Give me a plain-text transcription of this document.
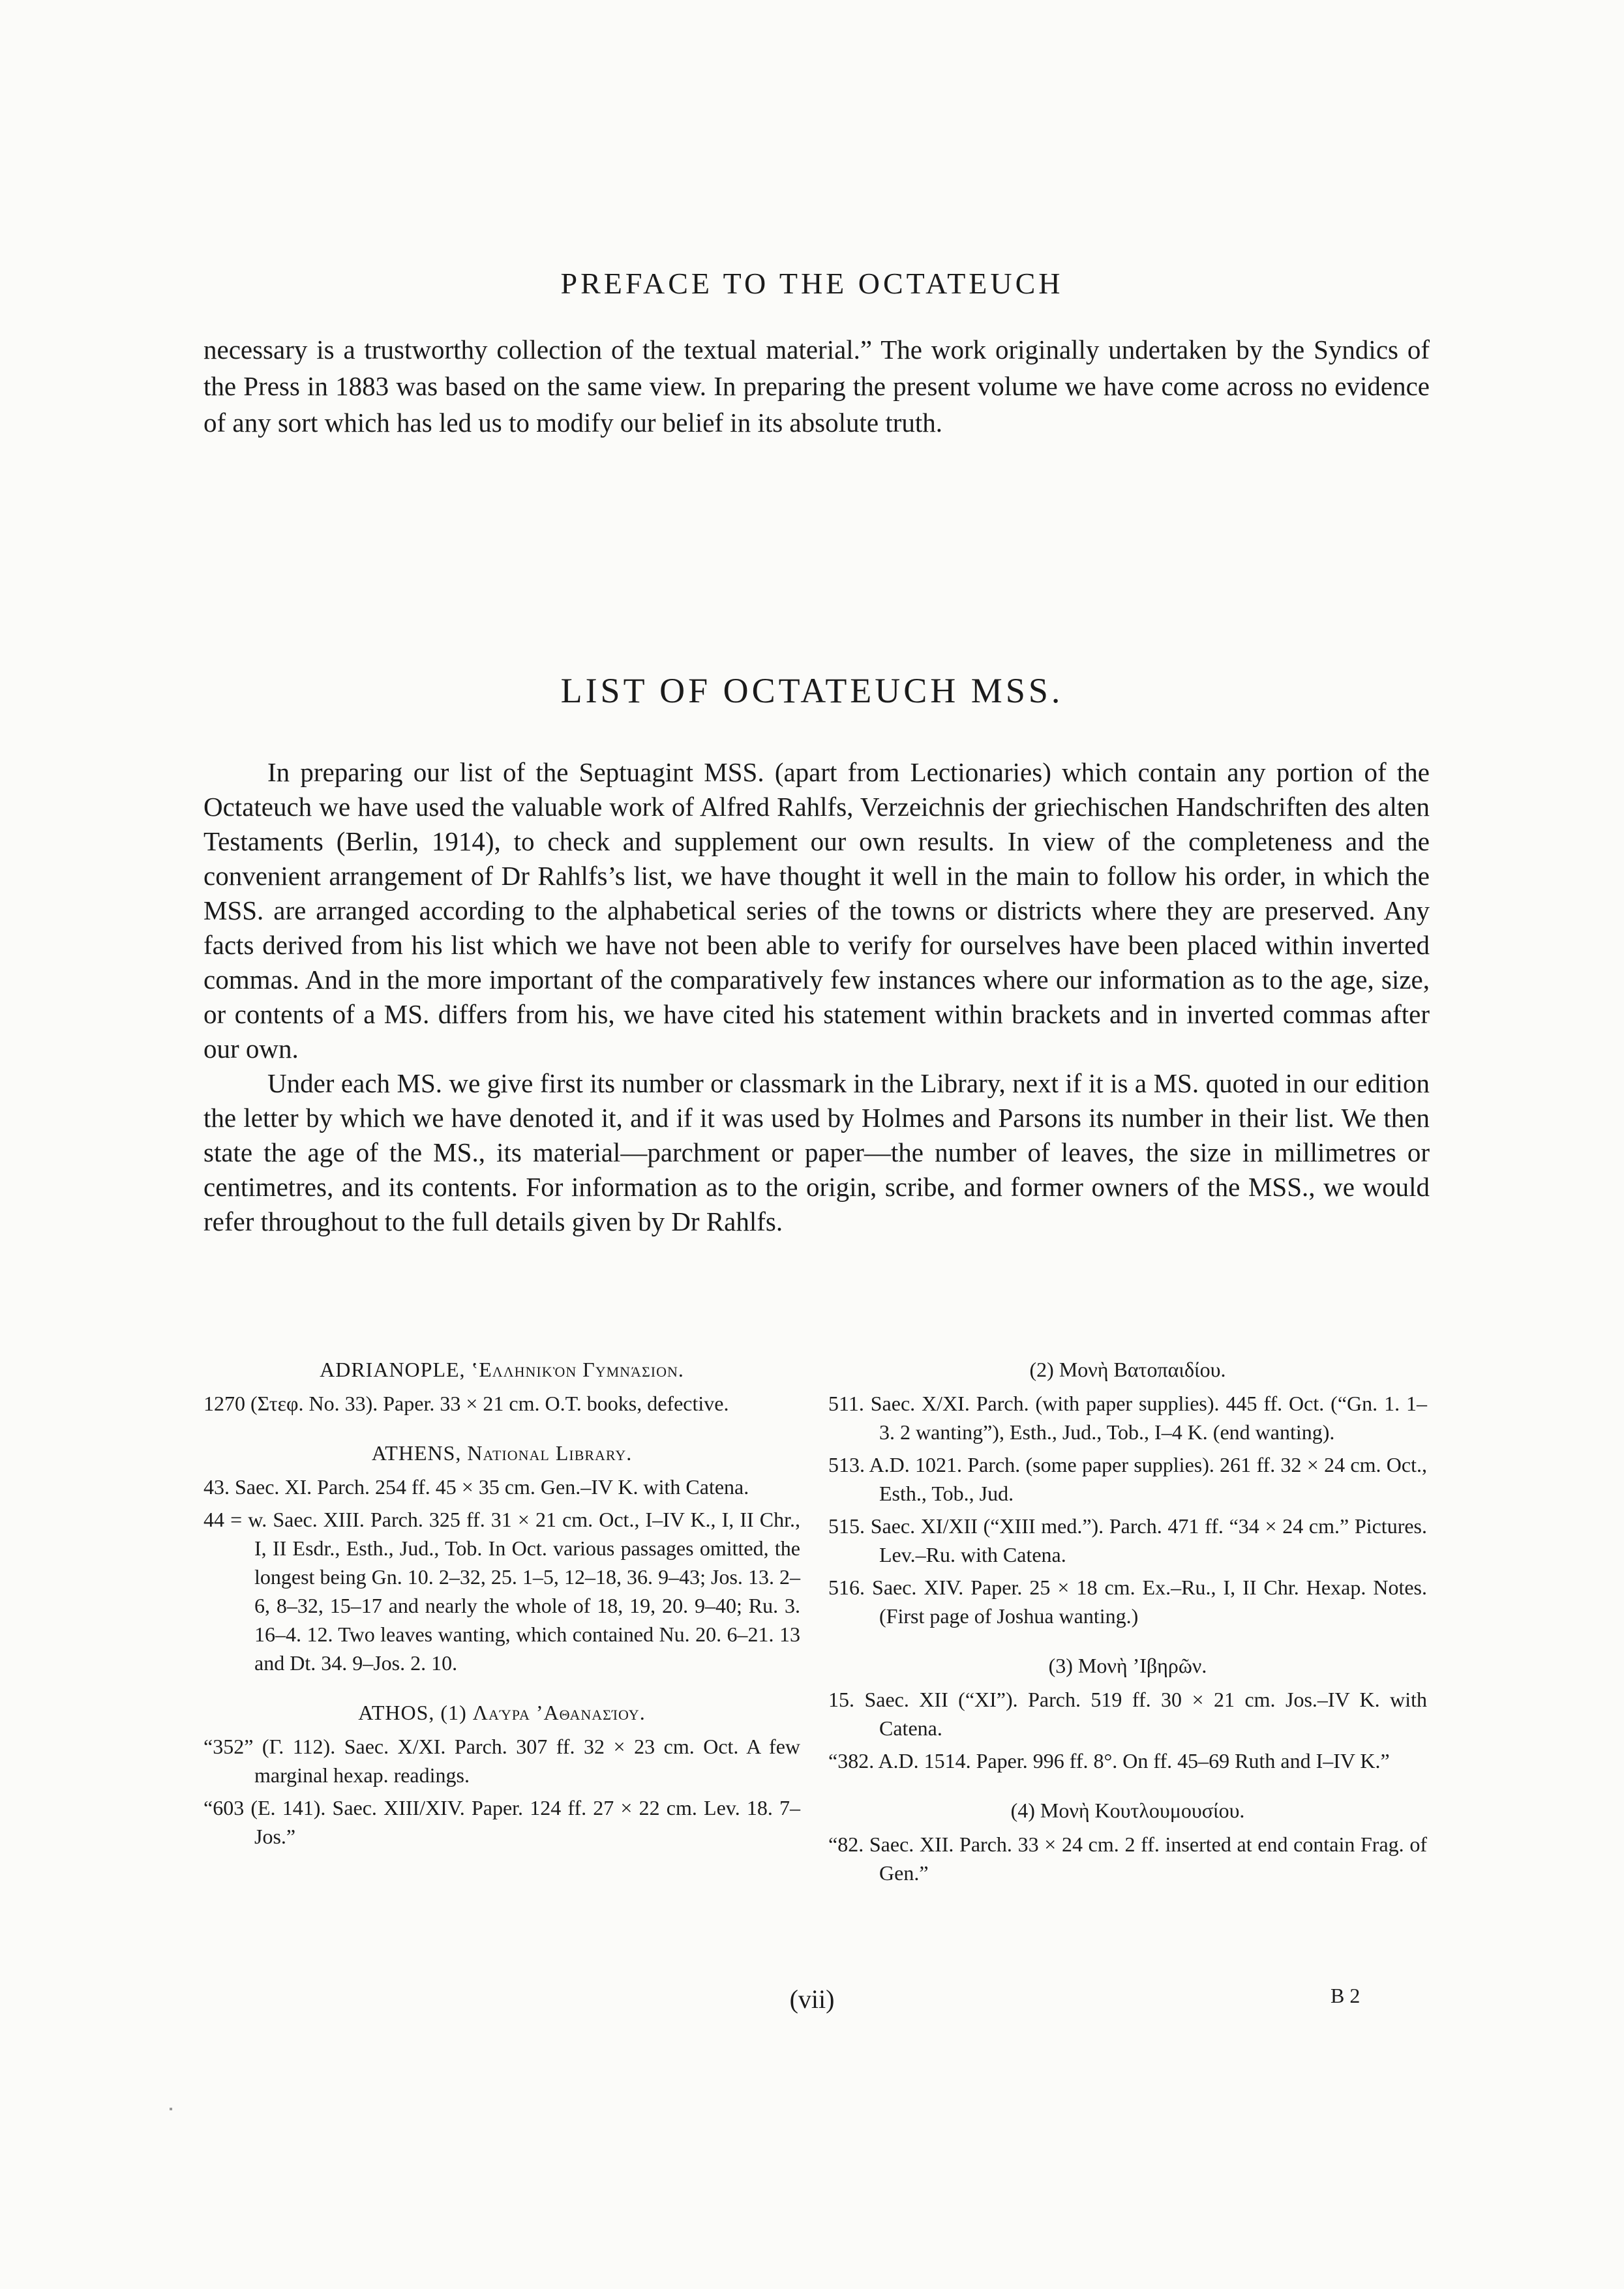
PREFACE TO THE OCTATEUCH

necessary is a trustworthy collection of the textual material.” The work originally undertaken by the Syndics of the Press in 1883 was based on the same view. In preparing the present volume we have come across no evidence of any sort which has led us to modify our belief in its absolute truth.

LIST OF OCTATEUCH MSS.

In preparing our list of the Septuagint MSS. (apart from Lectionaries) which contain any portion of the Octateuch we have used the valuable work of Alfred Rahlfs, Verzeichnis der griechischen Handschriften des alten Testaments (Berlin, 1914), to check and supplement our own results. In view of the completeness and the convenient arrangement of Dr Rahlfs’s list, we have thought it well in the main to follow his order, in which the MSS. are arranged according to the alphabetical series of the towns or districts where they are preserved. Any facts derived from his list which we have not been able to verify for ourselves have been placed within inverted commas. And in the more important of the comparatively few instances where our information as to the age, size, or contents of a MS. differs from his, we have cited his statement within brackets and in inverted commas after our own.

Under each MS. we give first its number or classmark in the Library, next if it is a MS. quoted in our edition the letter by which we have denoted it, and if it was used by Holmes and Parsons its number in their list. We then state the age of the MS., its material—parchment or paper—the number of leaves, the size in millimetres or centimetres, and its contents. For information as to the origin, scribe, and former owners of the MSS., we would refer throughout to the full details given by Dr Rahlfs.

ADRIANOPLE, ‛Ελληνικὸν Γυμνάσιον.
1270 (Στεφ. No. 33). Paper. 33 × 21 cm. O.T. books, defective.
ATHENS, National Library.
43. Saec. XI. Parch. 254 ff. 45 × 35 cm. Gen.–IV K. with Catena.
44 = w. Saec. XIII. Parch. 325 ff. 31 × 21 cm. Oct., I–IV K., I, II Chr., I, II Esdr., Esth., Jud., Tob. In Oct. various passages omitted, the longest being Gn. 10. 2–32, 25. 1–5, 12–18, 36. 9–43; Jos. 13. 2–6, 8–32, 15–17 and nearly the whole of 18, 19, 20. 9–40; Ru. 3. 16–4. 12. Two leaves wanting, which contained Nu. 20. 6–21. 13 and Dt. 34. 9–Jos. 2. 10.
ATHOS, (1) Λαύρα ’Αθανασίου.
“352” (Γ. 112). Saec. X/XI. Parch. 307 ff. 32 × 23 cm. Oct. A few marginal hexap. readings.
“603 (E. 141). Saec. XIII/XIV. Paper. 124 ff. 27 × 22 cm. Lev. 18. 7–Jos.”
(2) Μονὴ Βατοπαιδίου.
511. Saec. X/XI. Parch. (with paper supplies). 445 ff. Oct. (“Gn. 1. 1–3. 2 wanting”), Esth., Jud., Tob., I–4 K. (end wanting).
513. A.D. 1021. Parch. (some paper supplies). 261 ff. 32 × 24 cm. Oct., Esth., Tob., Jud.
515. Saec. XI/XII (“XIII med.”). Parch. 471 ff. “34 × 24 cm.” Pictures. Lev.–Ru. with Catena.
516. Saec. XIV. Paper. 25 × 18 cm. Ex.–Ru., I, II Chr. Hexap. Notes. (First page of Joshua wanting.)
(3) Μονὴ ’Ιβηρῶν.
15. Saec. XII (“XI”). Parch. 519 ff. 30 × 21 cm. Jos.–IV K. with Catena.
“382. A.D. 1514. Paper. 996 ff. 8°. On ff. 45–69 Ruth and I–IV K.”
(4) Μονὴ Κουτλουμουσίου.
“82. Saec. XII. Parch. 33 × 24 cm. 2 ff. inserted at end contain Frag. of Gen.”
(vii)	B 2
